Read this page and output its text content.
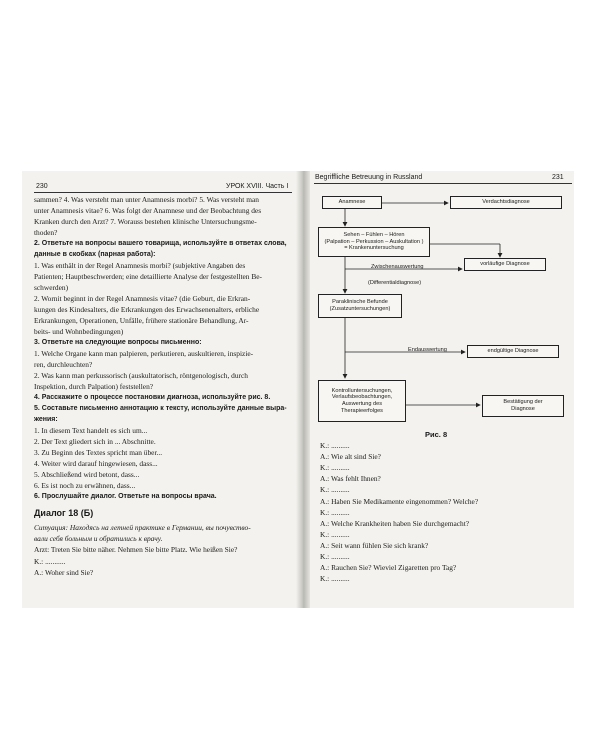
230	УРОК XVIII. Часть I
sammen? 4. Was versteht man unter Anamnesis morbi? 5. Was versteht man
unter Anamnesis vitae? 6. Was folgt der Anamnese und der Beobachtung des
Kranken durch den Arzt? 7. Worauss bestehen klinische Untersuchungsme-
thoden?
2. Ответьте на вопросы вашего товарища, используйте в ответах слова,
данные в скобках (парная работа):
1. Was enthält in der Regel Anamnesis morbi? (subjektive Angaben des
Patienten; Hauptbeschwerden; eine detaillierte Analyse der festgestellten Be-
schwerden)
2. Wornit beginnt in der Regel Anamnesis vitae? (die Geburt, die Erkran-
kungen des Kindesalters, die Erkrankungen des Erwachsenenalters, erbliche
Erkrankungen, Operationen, Unfälle, frühere stationäre Behandlung, Ar-
beits- und Wohnbedingungen)
3. Ответьте на следующие вопросы письменно:
1. Welche Organe kann man palpieren, perkutieren, auskultieren, inspizie-
ren, durchleuchten?
2. Was kann man perkussorisch (auskultatorisch, röntgenologisch, durch
Inspektion, durch Palpation) feststellen?
4. Расскажите о процессе постановки диагноза, используйте рис. 8.
5. Составьте письменно аннотацию к тексту, используйте данные выра-
жения:
1. In diesem Text handelt es sich um...
2. Der Text gliedert sich in ... Abschnitte.
3. Zu Beginn des Textes spricht man über...
4. Weiter wird darauf hingewiesen, dass...
5. Abschließend wird betont, dass...
6. Es ist noch zu erwähnen, dass...
6. Прослушайте диалог. Ответьте на вопросы врача.
Диалог 18 (Б)
Ситуация: Находясь на летней практике в Германии, вы почувство-
вали себя больным и обратились к врачу.
Arzt: Treten Sie bitte näher. Nehmen Sie bitte Platz. Wie heißen Sie?
K.: ...........
A.: Woher sind Sie?
Begriffliche Betreuung in Russland	231
Anamnese	Verdachtsdiagnose
Sehen – Fühlen – Hören
(Palpation – Perkussion – Auskultation )
= Krankenuntersuchung
vorläufige Diagnose
Zwischenauswertung
(Differentialdiagnose)
Paraklinische Befunde
(Zusatzuntersuchungen)
Endauswertung	endgültige Diagnose
Kontrolluntersuchungen,
Verlaufsbeobachtungen,
Auswertung des
Therapieerfolges
Bestätigung der
Diagnose
Рис. 8
K.: ..........
A.: Wie alt sind Sie?
K.: ..........
A.: Was fehlt Ihnen?
K.: ..........
A.: Haben Sie Medikamente eingenommen? Welche?
K.: ..........
A.: Welche Krankheiten haben Sie durchgemacht?
K.: ..........
A.: Seit wann fühlen Sie sich krank?
K.: ..........
A.: Rauchen Sie? Wieviel Zigaretten pro Tag?
K.: ..........
